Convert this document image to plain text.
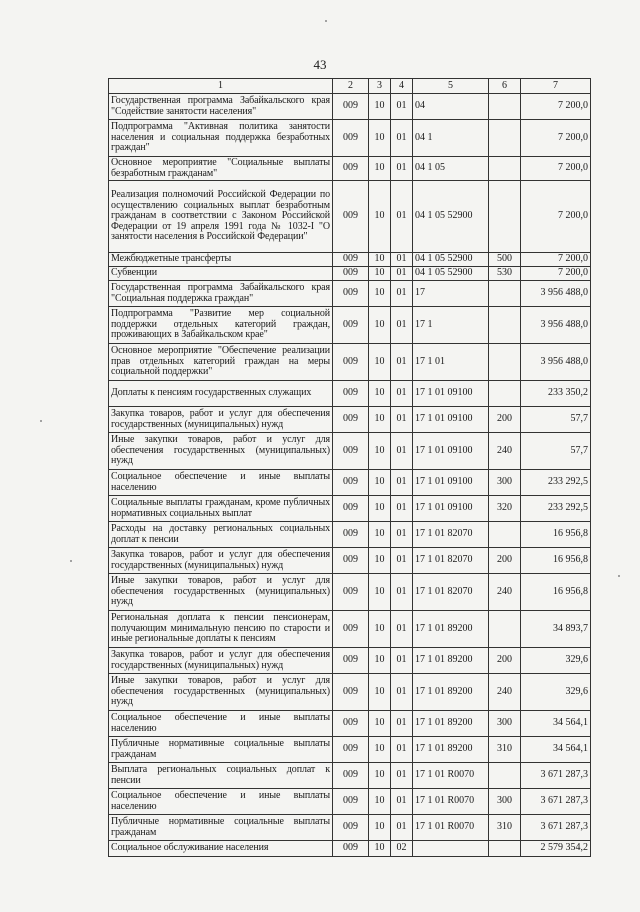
43
1	2	3	4	5	6	7
Государственная программа Забайкальского края "Содействие занятости населения"	009	10	01	04		7 200,0
Подпрограмма "Активная политика занятости населения и социальная поддержка безработных граждан"	009	10	01	04 1		7 200,0
Основное мероприятие "Социальные выплаты безработным гражданам"	009	10	01	04 1 05		7 200,0
Реализация полномочий Российской Федерации по осуществлению социальных выплат безработным гражданам в соответствии с Законом Российской Федерации от 19 апреля 1991 года № 1032-I "О занятости населения в Российской Федерации"	009	10	01	04 1 05 52900		7 200,0
Межбюджетные трансферты	009	10	01	04 1 05 52900	500	7 200,0
Субвенции	009	10	01	04 1 05 52900	530	7 200,0
Государственная программа Забайкальского края "Социальная поддержка граждан"	009	10	01	17		3 956 488,0
Подпрограмма "Развитие мер социальной поддержки отдельных категорий граждан, проживающих в Забайкальском крае"	009	10	01	17 1		3 956 488,0
Основное мероприятие "Обеспечение реализации прав отдельных категорий граждан на меры социальной поддержки"	009	10	01	17 1 01		3 956 488,0
Доплаты к пенсиям государственных служащих	009	10	01	17 1 01 09100		233 350,2
Закупка товаров, работ и услуг для обеспечения государственных (муниципальных) нужд	009	10	01	17 1 01 09100	200	57,7
Иные закупки товаров, работ и услуг для обеспечения государственных (муниципальных) нужд	009	10	01	17 1 01 09100	240	57,7
Социальное обеспечение и иные выплаты населению	009	10	01	17 1 01 09100	300	233 292,5
Социальные выплаты гражданам, кроме публичных нормативных социальных выплат	009	10	01	17 1 01 09100	320	233 292,5
Расходы на доставку региональных социальных доплат к пенсии	009	10	01	17 1 01 82070		16 956,8
Закупка товаров, работ и услуг для обеспечения государственных (муниципальных) нужд	009	10	01	17 1 01 82070	200	16 956,8
Иные закупки товаров, работ и услуг для обеспечения государственных (муниципальных) нужд	009	10	01	17 1 01 82070	240	16 956,8
Региональная доплата к пенсии пенсионерам, получающим минимальную пенсию по старости и иные региональные доплаты к пенсиям	009	10	01	17 1 01 89200		34 893,7
Закупка товаров, работ и услуг для обеспечения государственных (муниципальных) нужд	009	10	01	17 1 01 89200	200	329,6
Иные закупки товаров, работ и услуг для обеспечения государственных (муниципальных) нужд	009	10	01	17 1 01 89200	240	329,6
Социальное обеспечение и иные выплаты населению	009	10	01	17 1 01 89200	300	34 564,1
Публичные нормативные социальные выплаты гражданам	009	10	01	17 1 01 89200	310	34 564,1
Выплата региональных социальных доплат к пенсии	009	10	01	17 1 01 R0070		3 671 287,3
Социальное обеспечение и иные выплаты населению	009	10	01	17 1 01 R0070	300	3 671 287,3
Публичные нормативные социальные выплаты гражданам	009	10	01	17 1 01 R0070	310	3 671 287,3
Социальное обслуживание населения	009	10	02			2 579 354,2
